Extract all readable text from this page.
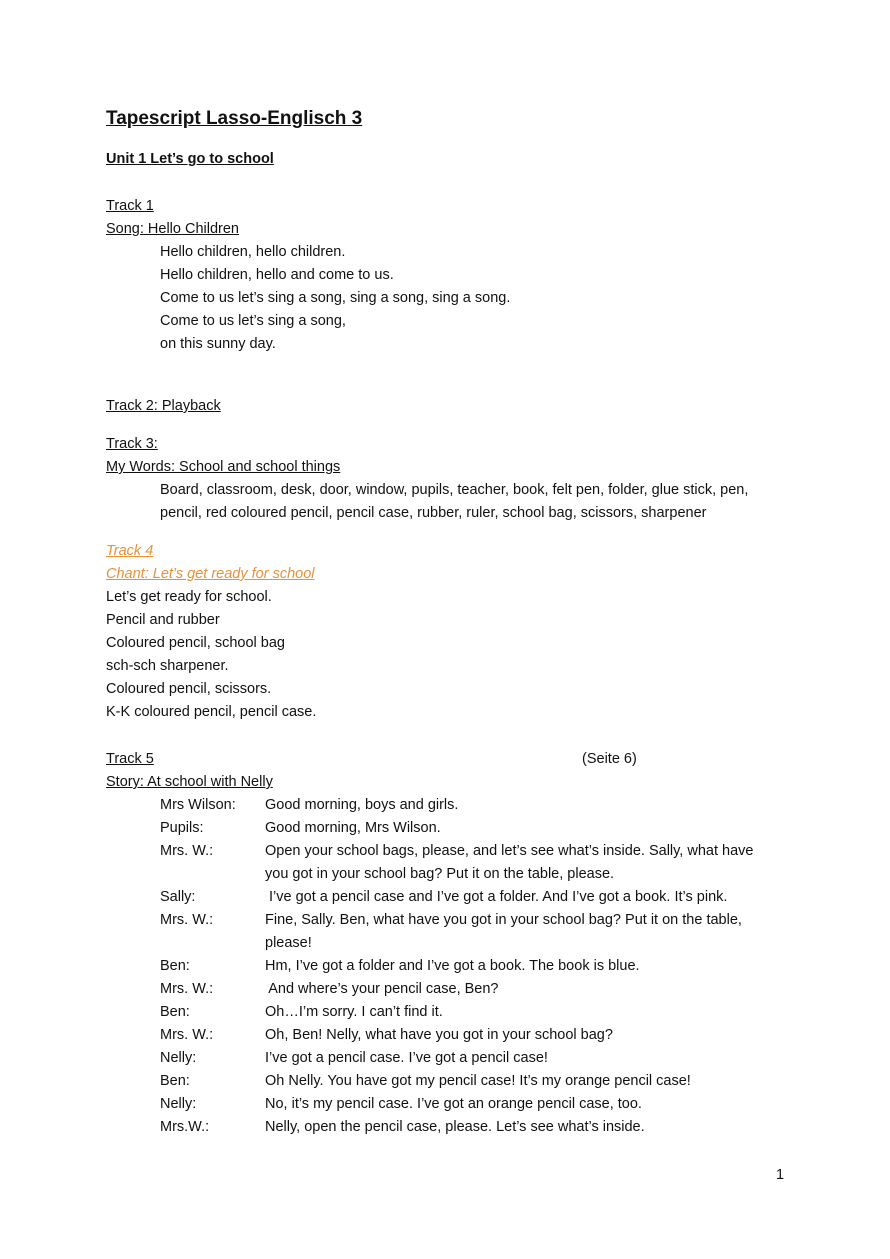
Tapescript Lasso-Englisch 3
Unit 1 Let’s go to school
Track 1
Song: Hello Children
Hello children, hello children.
Hello children, hello and come to us.
Come to us let’s sing a song, sing a song, sing a song.
Come to us let’s sing a song,
on this sunny day.
Track 2: Playback
Track 3:
My Words: School and school things
Board, classroom, desk, door, window, pupils, teacher, book, felt pen, folder, glue stick, pen,
pencil, red coloured pencil, pencil case, rubber, ruler, school bag, scissors, sharpener
Track 4
Chant: Let’s get ready for school
Let’s get ready for school.
Pencil and rubber
Coloured pencil, school bag
sch-sch sharpener.
Coloured pencil, scissors.
K-K coloured pencil, pencil case.
Track 5	(Seite 6)
Story: At school with Nelly
Mrs Wilson: Good morning, boys and girls.
Pupils:	Good morning, Mrs Wilson.
Mrs. W.:	Open your school bags, please, and let’s see what’s inside. Sally, what have
you got in your school bag? Put it on the table, please.
Sally:	I’ve got a pencil case and I’ve got a folder. And I’ve got a book. It’s pink.
Mrs. W.:	Fine, Sally. Ben, what have you got in your school bag? Put it on the table,
please!
Ben:	Hm, I’ve got a folder and I’ve got a book. The book is blue.
Mrs. W.:	And where’s your pencil case, Ben?
Ben:	Oh…I’m sorry. I can’t find it.
Mrs. W.:	Oh, Ben! Nelly, what have you got in your school bag?
Nelly:	I’ve got a pencil case. I’ve got a pencil case!
Ben:	Oh Nelly. You have got my pencil case! It’s my orange pencil case!
Nelly:	No, it’s my pencil case. I’ve got an orange pencil case, too.
Mrs.W.:	Nelly, open the pencil case, please. Let’s see what’s inside.
1
